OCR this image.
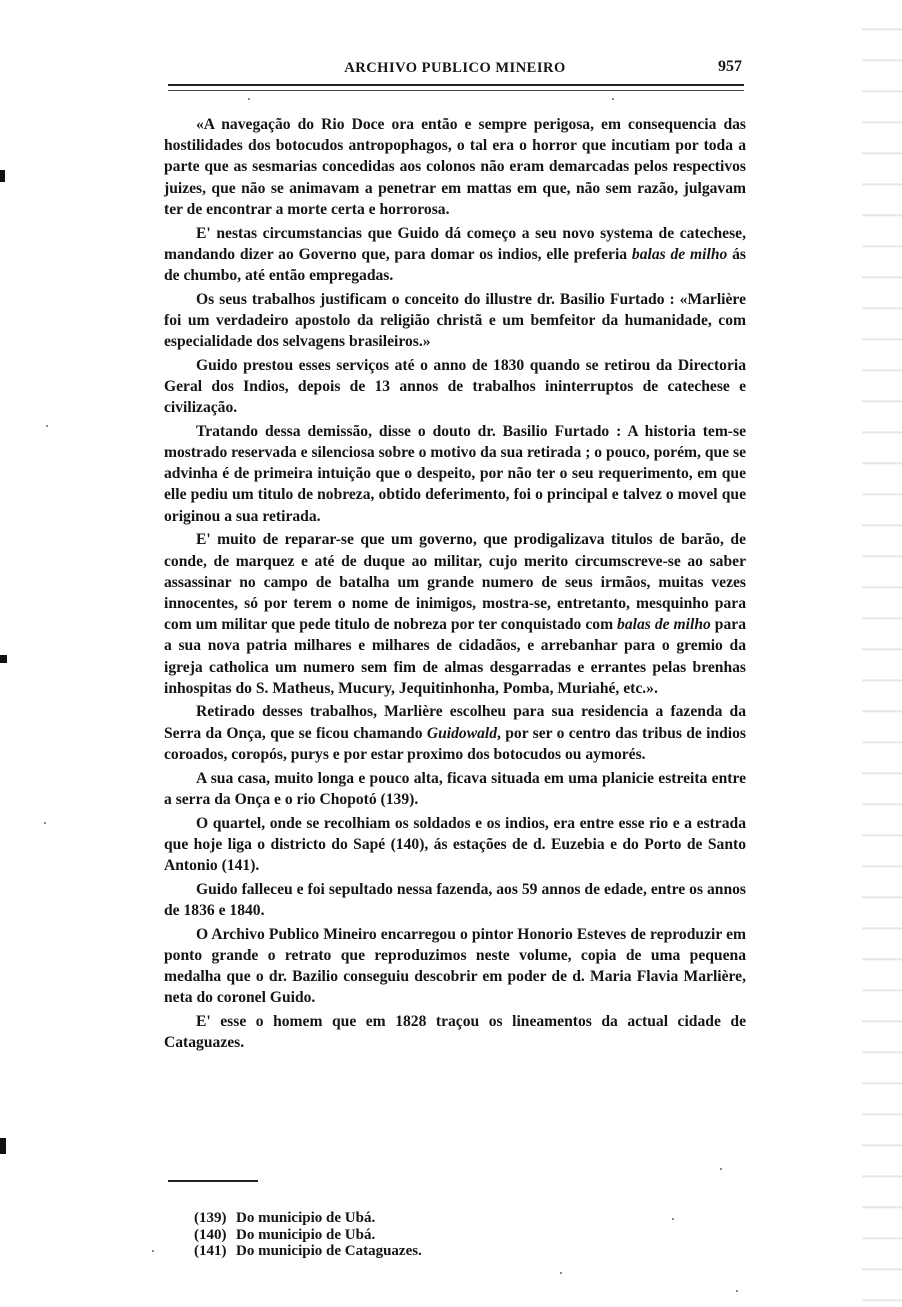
ARCHIVO PUBLICO MINEIRO	957

«A navegação do Rio Doce ora então e sempre perigosa, em consequencia das hostilidades dos botocudos antropophagos, o tal era o horror que incutiam por toda a parte que as sesmarias concedidas aos colonos não eram demarcadas pelos respectivos juizes, que não se animavam a penetrar em mattas em que, não sem razão, julgavam ter de encontrar a morte certa e horrorosa.

E' nestas circumstancias que Guido dá começo a seu novo systema de catechese, mandando dizer ao Governo que, para domar os indios, elle preferia balas de milho ás de chumbo, até então empregadas.

Os seus trabalhos justificam o conceito do illustre dr. Basilio Furtado : «Marlière foi um verdadeiro apostolo da religião christã e um bemfeitor da humanidade, com especialidade dos selvagens brasileiros.»

Guido prestou esses serviços até o anno de 1830 quando se retirou da Directoria Geral dos Indios, depois de 13 annos de trabalhos ininterruptos de catechese e civilização.

Tratando dessa demissão, disse o douto dr. Basilio Furtado : A historia tem-se mostrado reservada e silenciosa sobre o motivo da sua retirada ; o pouco, porém, que se advinha é de primeira intuição que o despeito, por não ter o seu requerimento, em que elle pediu um titulo de nobreza, obtido deferimento, foi o principal e talvez o movel que originou a sua retirada.

E' muito de reparar-se que um governo, que prodigalizava titulos de barão, de conde, de marquez e até de duque ao militar, cujo merito circumscreve-se ao saber assassinar no campo de batalha um grande numero de seus irmãos, muitas vezes innocentes, só por terem o nome de inimigos, mostra-se, entretanto, mesquinho para com um militar que pede titulo de nobreza por ter conquistado com balas de milho para a sua nova patria milhares e milhares de cidadãos, e arrebanhar para o gremio da igreja catholica um numero sem fim de almas desgarradas e errantes pelas brenhas inhospitas do S. Matheus, Mucury, Jequitinhonha, Pomba, Muriahé, etc.».

Retirado desses trabalhos, Marlière escolheu para sua residencia a fazenda da Serra da Onça, que se ficou chamando Guidowald, por ser o centro das tribus de indios coroados, coropós, purys e por estar proximo dos botocudos ou aymorés.

A sua casa, muito longa e pouco alta, ficava situada em uma planicie estreita entre a serra da Onça e o rio Chopotó (139).

O quartel, onde se recolhiam os soldados e os indios, era entre esse rio e a estrada que hoje liga o districto do Sapé (140), ás estações de d. Euzebia e do Porto de Santo Antonio (141).

Guido falleceu e foi sepultado nessa fazenda, aos 59 annos de edade, entre os annos de 1836 e 1840.

O Archivo Publico Mineiro encarregou o pintor Honorio Esteves de reproduzir em ponto grande o retrato que reproduzimos neste volume, copia de uma pequena medalha que o dr. Bazilio conseguiu descobrir em poder de d. Maria Flavia Marlière, neta do coronel Guido.

E' esse o homem que em 1828 traçou os lineamentos da actual cidade de Cataguazes.

(139) Do municipio de Ubá.
(140) Do municipio de Ubá.
(141) Do municipio de Cataguazes.
